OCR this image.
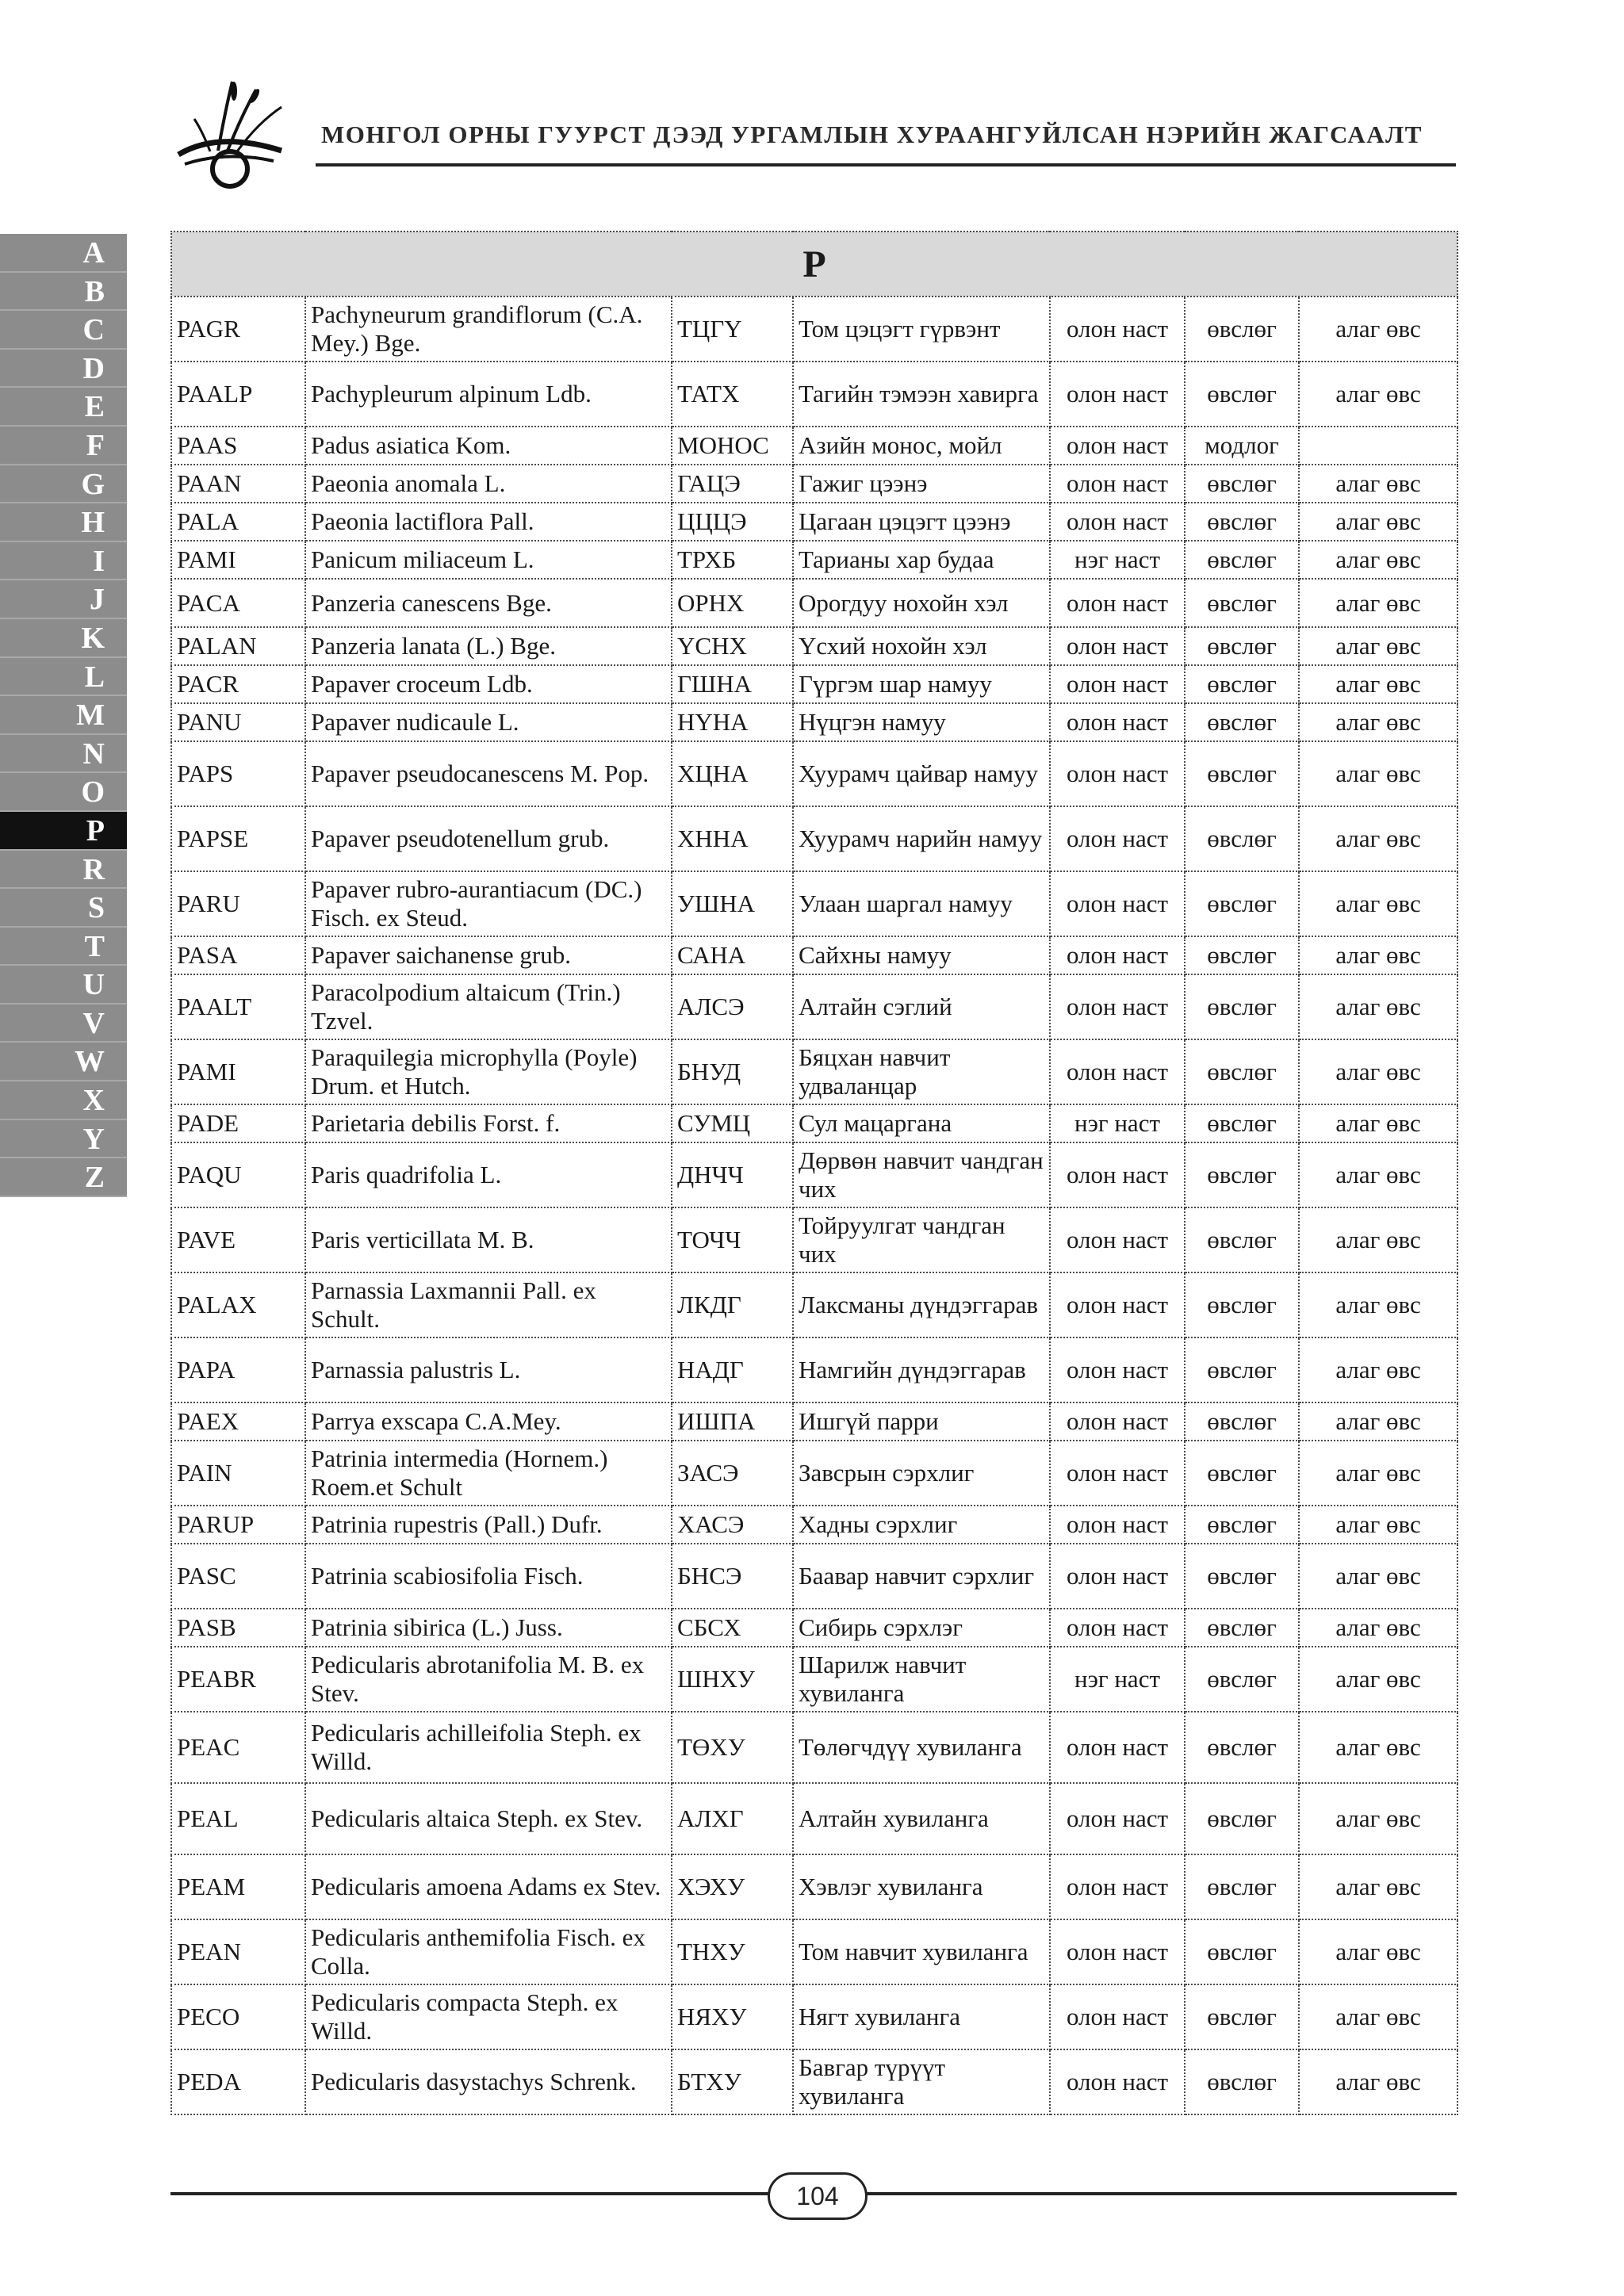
МОНГОЛ ОРНЫ ГУУРСТ ДЭЭД УРГАМЛЫН ХУРААНГУЙЛСАН НЭРИЙН ЖАГСААЛТ
A
B
C
D
E
F
G
H
I
J
K
L
M
N
O
P
R
S
T
U
V
W
X
Y
Z
P						
PAGR	Pachyneurum grandiflorum (C.A. Mey.) Bge.	ТЦГҮ	Том цэцэгт гүрвэнт	олон наст	өвслөг	алаг өвс
PAALP	Pachypleurum alpinum Ldb.	ТАТХ	Тагийн тэмээн хавирга	олон наст	өвслөг	алаг өвс
PAAS	Padus asiatica Kom.	МОНОС	Азийн монос, мойл	олон наст	модлог	
PAAN	Paeonia anomala L.	ГАЦЭ	Гажиг цээнэ	олон наст	өвслөг	алаг өвс
PALA	Paeonia lactiflora Pall.	ЦЦЦЭ	Цагаан цэцэгт цээнэ	олон наст	өвслөг	алаг өвс
PAMI	Panicum miliaceum L.	ТРХБ	Тарианы хар будаа	нэг наст	өвслөг	алаг өвс
PACA	Panzeria canescens Bge.	ОРНХ	Орогдуу нохойн хэл	олон наст	өвслөг	алаг өвс
PALAN	Panzeria lanata (L.) Bge.	ҮСНХ	Үсхий нохойн хэл	олон наст	өвслөг	алаг өвс
PACR	Papaver croceum Ldb.	ГШНА	Гүргэм шар намуу	олон наст	өвслөг	алаг өвс
PANU	Papaver nudicaule L.	НҮНА	Нүцгэн намуу	олон наст	өвслөг	алаг өвс
PAPS	Papaver pseudocanescens M. Pop.	ХЦНА	Хуурамч цайвар намуу	олон наст	өвслөг	алаг өвс
PAPSE	Papaver pseudotenellum grub.	ХННА	Хуурамч нарийн намуу	олон наст	өвслөг	алаг өвс
PARU	Papaver rubro-aurantiacum (DC.) Fisch. ex Steud.	УШНА	Улаан шаргал намуу	олон наст	өвслөг	алаг өвс
PASA	Papaver saichanense grub.	САНА	Сайхны намуу	олон наст	өвслөг	алаг өвс
PAALT	Paracolpodium altaicum (Trin.) Tzvel.	АЛСЭ	Алтайн сэглий	олон наст	өвслөг	алаг өвс
PAMI	Paraquilegia microphylla (Poyle) Drum. et Hutch.	БНУД	Бяцхан навчит удваланцар	олон наст	өвслөг	алаг өвс
PADE	Parietaria debilis Forst. f.	СУМЦ	Сул мацаргана	нэг наст	өвслөг	алаг өвс
PAQU	Paris quadrifolia L.	ДНЧЧ	Дөрвөн навчит чандган чих	олон наст	өвслөг	алаг өвс
PAVE	Paris verticillata M. B.	ТОЧЧ	Тойруулгат чандган чих	олон наст	өвслөг	алаг өвс
PALAX	Parnassia Laxmannii Pall. ex Schult.	ЛКДГ	Лаксманы дүндэггарав	олон наст	өвслөг	алаг өвс
PAPA	Parnassia palustris L.	НАДГ	Намгийн дүндэггарав	олон наст	өвслөг	алаг өвс
PAEX	Parrya exscapa C.A.Mey.	ИШПА	Ишгүй парри	олон наст	өвслөг	алаг өвс
PAIN	Patrinia intermedia (Hornem.) Roem.et Schult	ЗАСЭ	Завсрын сэрхлиг	олон наст	өвслөг	алаг өвс
PARUP	Patrinia rupestris (Pall.) Dufr.	ХАСЭ	Хадны сэрхлиг	олон наст	өвслөг	алаг өвс
PASC	Patrinia scabiosifolia Fisch.	БНСЭ	Баавар навчит сэрхлиг	олон наст	өвслөг	алаг өвс
PASB	Patrinia sibirica (L.) Juss.	СБСХ	Сибирь сэрхлэг	олон наст	өвслөг	алаг өвс
PEABR	Pedicularis abrotanifolia M. B. ex Stev.	ШНХУ	Шарилж навчит хувиланга	нэг наст	өвслөг	алаг өвс
PEAC	Pedicularis achilleifolia Steph. ex Willd.	ТӨХУ	Төлөгчдүү хувиланга	олон наст	өвслөг	алаг өвс
PEAL	Pedicularis altaica Steph. ex Stev.	АЛХГ	Алтайн хувиланга	олон наст	өвслөг	алаг өвс
PEAM	Pedicularis amoena Adams ex Stev.	ХЭХУ	Хэвлэг хувиланга	олон наст	өвслөг	алаг өвс
PEAN	Pedicularis anthemifolia Fisch. ex Colla.	ТНХУ	Том навчит хувиланга	олон наст	өвслөг	алаг өвс
PECO	Pedicularis compacta Steph. ex Willd.	НЯХУ	Нягт хувиланга	олон наст	өвслөг	алаг өвс
PEDA	Pedicularis dasystachys Schrenk.	БТХУ	Бавгар түрүүт хувиланга	олон наст	өвслөг	алаг өвс
104
